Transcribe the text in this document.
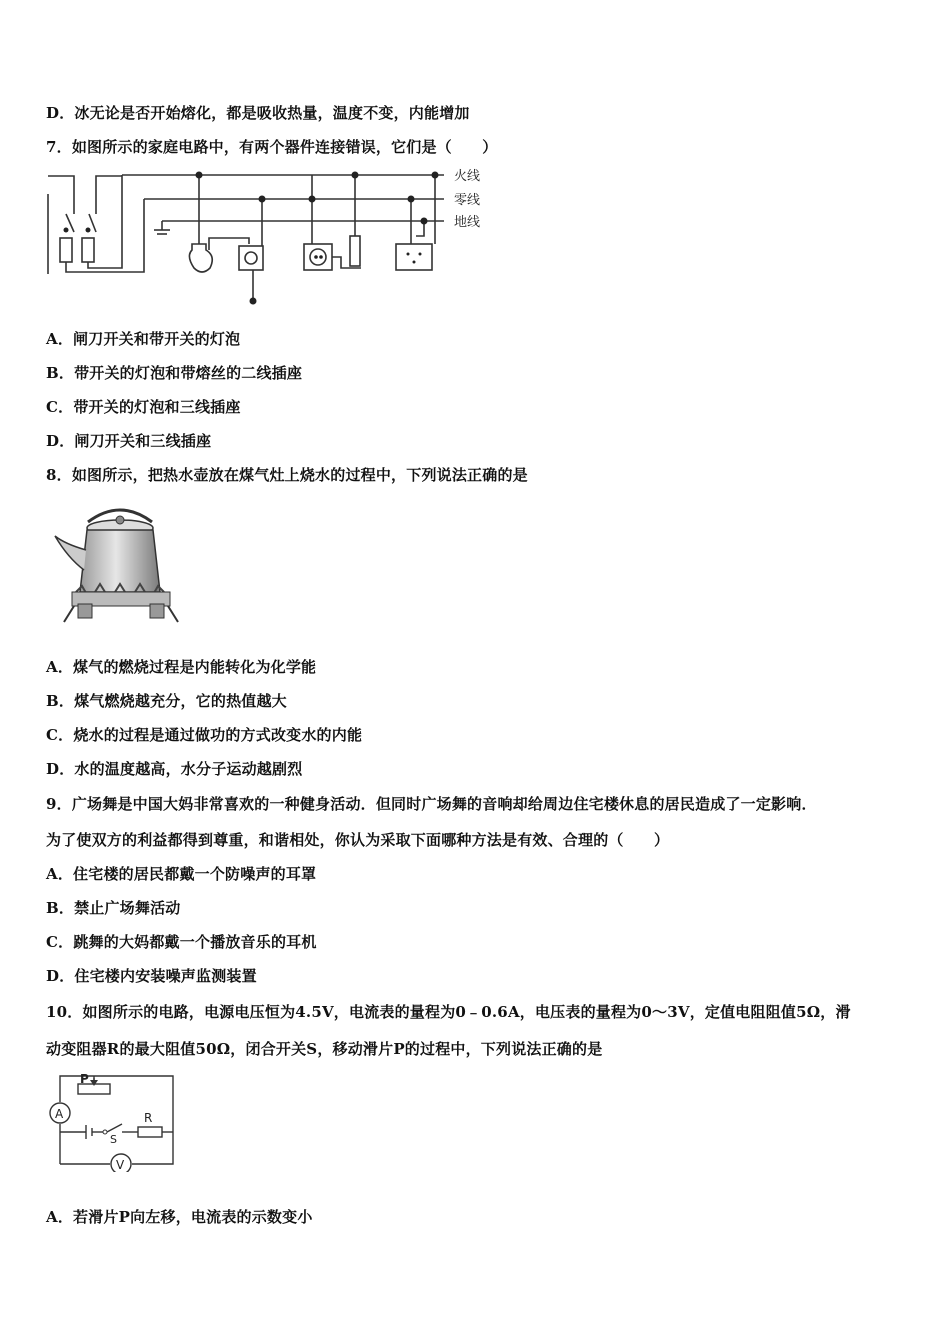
D．冰无论是否开始熔化，都是吸收热量，温度不变，内能增加
7．如图所示的家庭电路中，有两个器件连接错误，它们是（　　）
火线
零线
地线
A．闸刀开关和带开关的灯泡
B．带开关的灯泡和带熔丝的二线插座
C．带开关的灯泡和三线插座
D．闸刀开关和三线插座
8．如图所示，把热水壶放在煤气灶上烧水的过程中，下列说法正确的是
A．煤气的燃烧过程是内能转化为化学能
B．煤气燃烧越充分，它的热值越大
C．烧水的过程是通过做功的方式改变水的内能
D．水的温度越高，水分子运动越剧烈
9．广场舞是中国大妈非常喜欢的一种健身活动．但同时广场舞的音响却给周边住宅楼休息的居民造成了一定影响．
为了使双方的利益都得到尊重，和谐相处，你认为采取下面哪种方法是有效、合理的（　　）
A．住宅楼的居民都戴一个防噪声的耳罩
B．禁止广场舞活动
C．跳舞的大妈都戴一个播放音乐的耳机
D．住宅楼内安装噪声监测装置
10．如图所示的电路，电源电压恒为4.5V，电流表的量程为0﹣0.6A，电压表的量程为0～3V，定值电阻阻值5Ω，滑
动变阻器R的最大阻值50Ω，闭合开关S，移动滑片P的过程中，下列说法正确的是
P
A
S
R
V
A．若滑片P向左移，电流表的示数变小
